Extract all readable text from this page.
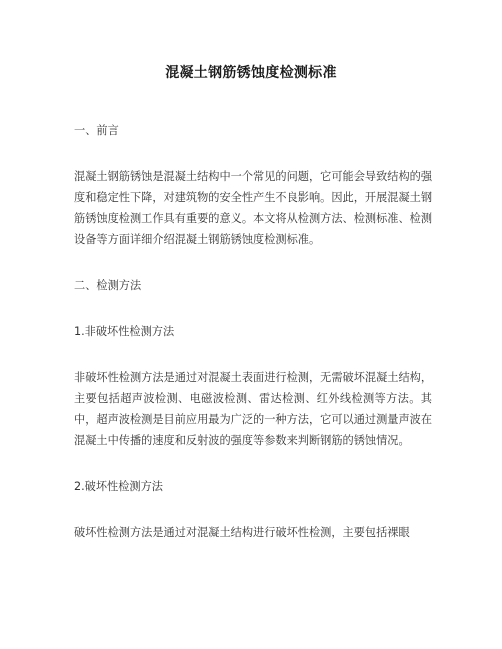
混凝土钢筋锈蚀度检测标准
一、前言

混凝土钢筋锈蚀是混凝土结构中一个常见的问题，它可能会导致结构的强度和稳定性下降，对建筑物的安全性产生不良影响。因此，开展混凝土钢筋锈蚀度检测工作具有重要的意义。本文将从检测方法、检测标准、检测设备等方面详细介绍混凝土钢筋锈蚀度检测标准。

二、检测方法
1.非破坏性检测方法

非破坏性检测方法是通过对混凝土表面进行检测，无需破坏混凝土结构，主要包括超声波检测、电磁波检测、雷达检测、红外线检测等方法。其中，超声波检测是目前应用最为广泛的一种方法，它可以通过测量声波在混凝土中传播的速度和反射波的强度等参数来判断钢筋的锈蚀情况。

2.破坏性检测方法

破坏性检测方法是通过对混凝土结构进行破坏性检测，主要包括裸眼
